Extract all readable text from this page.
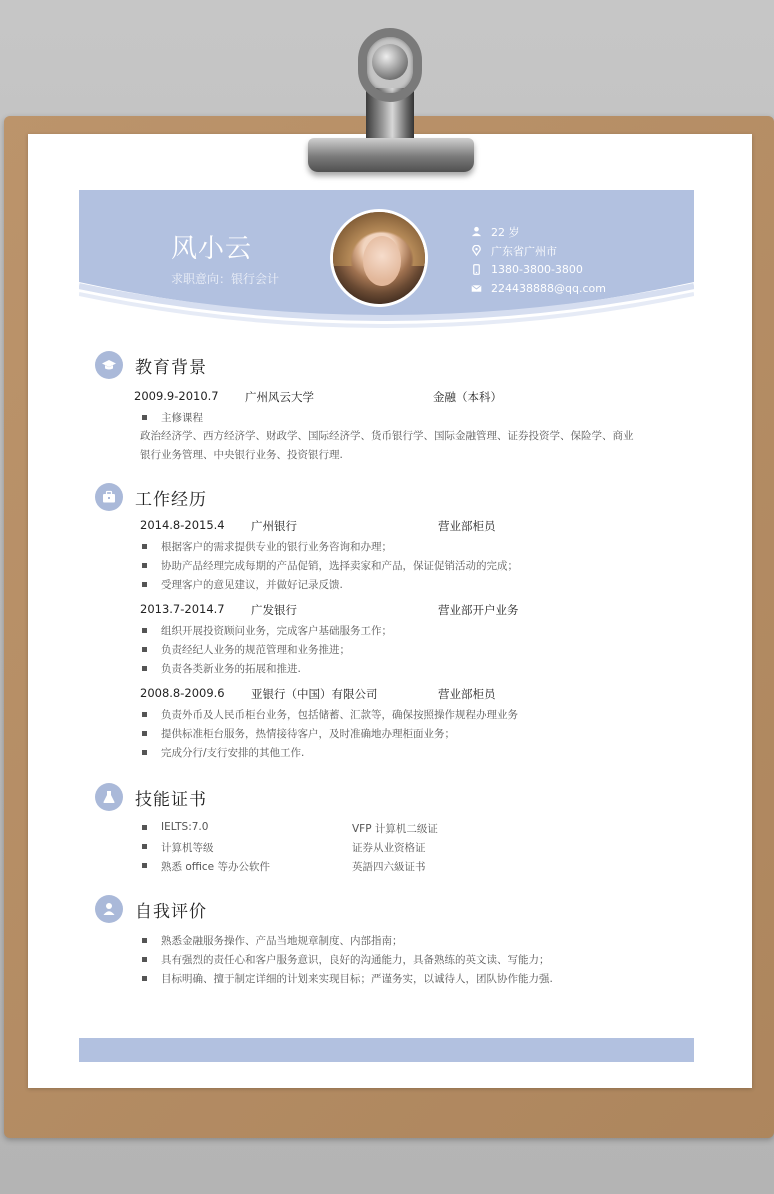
风小云
求职意向：银行会计
22 岁
广东省广州市
1380-3800-3800
224438888@qq.com
教育背景
2009.9-2010.7 广州风云大学	金融（本科）
主修课程
政治经济学、西方经济学、财政学、国际经济学、货币银行学、国际金融管理、证券投资学、保险学、商业
银行业务管理、中央银行业务、投资银行理.
工作经历
2014.8-2015.4 广州银行	营业部柜员
根据客户的需求提供专业的银行业务咨询和办理；
协助产品经理完成每期的产品促销，选择卖家和产品，保证促销活动的完成；
受理客户的意见建议，并做好记录反馈.
2013.7-2014.7 广发银行	营业部开户业务
组织开展投资顾问业务，完成客户基础服务工作；
负责经纪人业务的规范管理和业务推进；
负责各类新业务的拓展和推进.
2008.8-2009.6 亚银行（中国）有限公司	营业部柜员
负责外币及人民币柜台业务，包括储蓄、汇款等，确保按照操作规程办理业务
提供标准柜台服务，热情接待客户，及时准确地办理柜面业务；
完成分行/支行安排的其他工作.
技能证书
IELTS:7.0	VFP 计算机二级证
计算机等级	证券从业资格证
熟悉 office 等办公软件	英語四六級证书
自我评价
熟悉金融服务操作、产品当地规章制度、内部指南；
具有强烈的责任心和客户服务意识，良好的沟通能力，具备熟练的英文读、写能力；
目标明确、擅于制定详细的计划来实现目标；严谨务实，以诚待人，团队协作能力强.
